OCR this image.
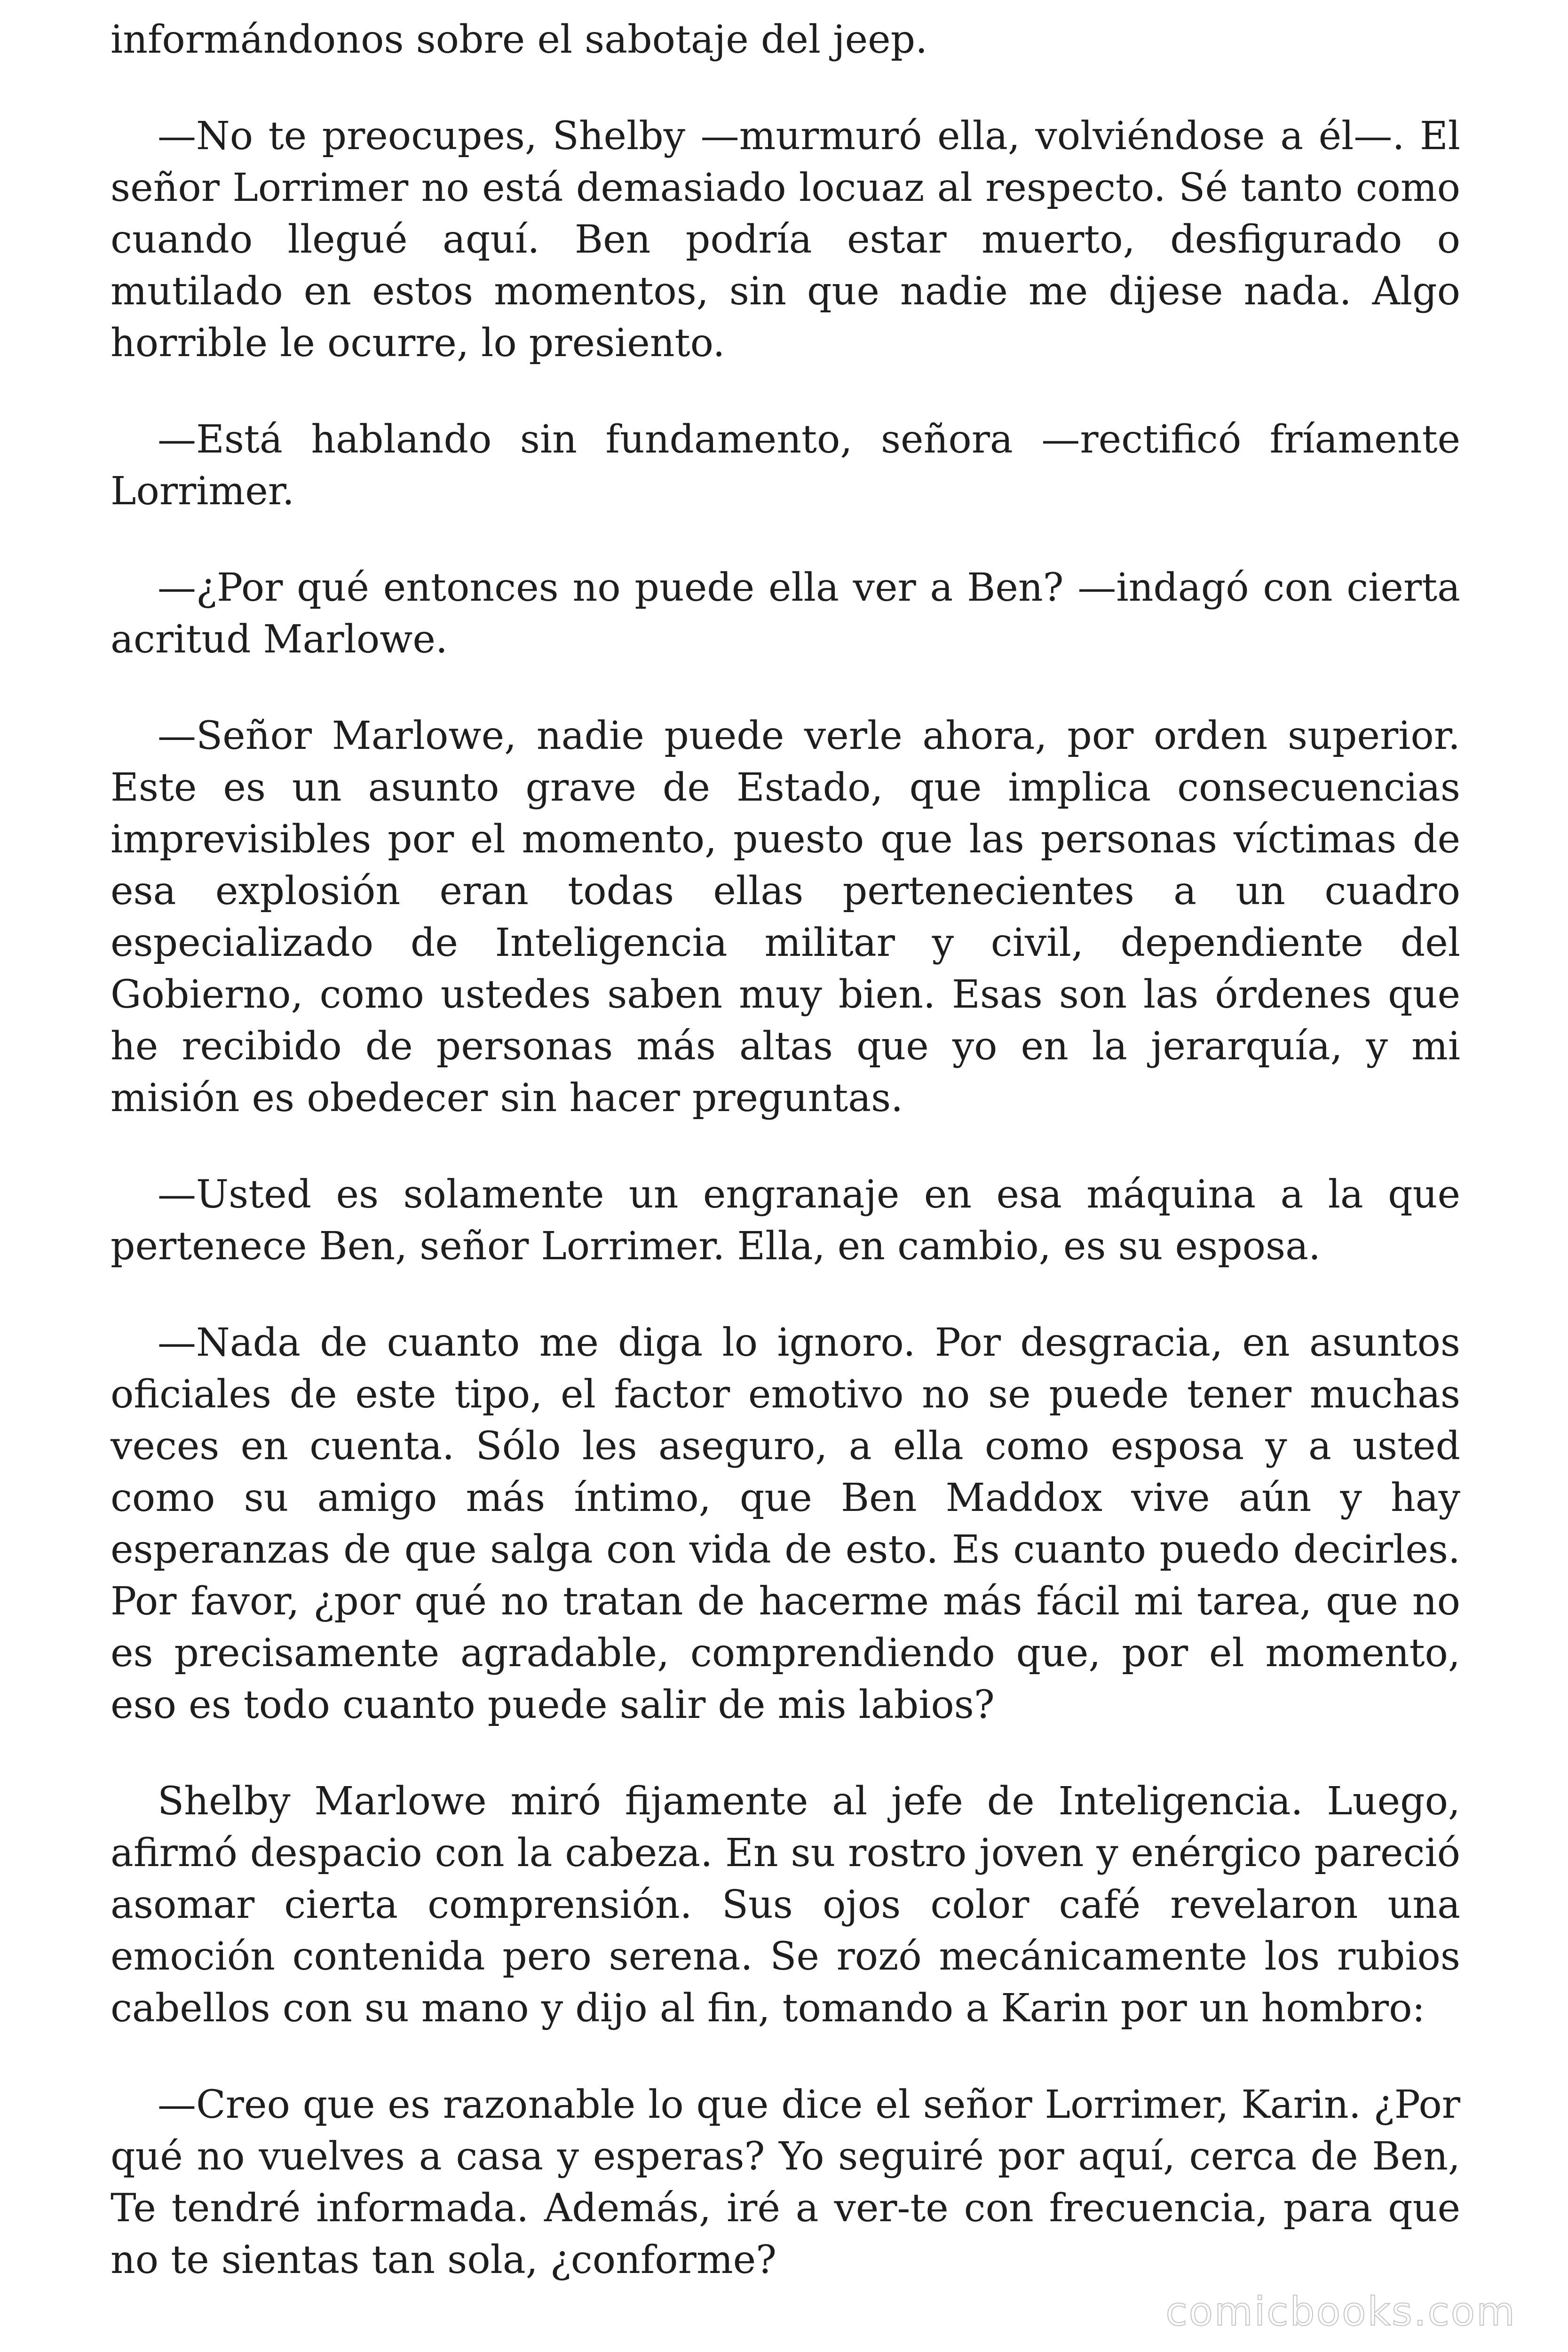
informándonos sobre el sabotaje del jeep.

—No te preocupes, Shelby —murmuró ella, volviéndose a él—. El señor Lorrimer no está demasiado locuaz al respecto. Sé tanto como cuando llegué aquí. Ben podría estar muerto, desfigurado o mutilado en estos momentos, sin que nadie me dijese nada. Algo horrible le ocurre, lo presiento.

—Está hablando sin fundamento, señora —rectificó fríamente Lorrimer.

—¿Por qué entonces no puede ella ver a Ben? —indagó con cierta acritud Marlowe.

—Señor Marlowe, nadie puede verle ahora, por orden superior. Este es un asunto grave de Estado, que implica consecuencias imprevisibles por el momento, puesto que las personas víctimas de esa explosión eran todas ellas pertenecientes a un cuadro especializado de Inteligencia militar y civil, dependiente del Gobierno, como ustedes saben muy bien. Esas son las órdenes que he recibido de personas más altas que yo en la jerarquía, y mi misión es obedecer sin hacer preguntas.

—Usted es solamente un engranaje en esa máquina a la que pertenece Ben, señor Lorrimer. Ella, en cambio, es su esposa.

—Nada de cuanto me diga lo ignoro. Por desgracia, en asuntos oficiales de este tipo, el factor emotivo no se puede tener muchas veces en cuenta. Sólo les aseguro, a ella como esposa y a usted como su amigo más íntimo, que Ben Maddox vive aún y hay esperanzas de que salga con vida de esto. Es cuanto puedo decirles. Por favor, ¿por qué no tratan de hacerme más fácil mi tarea, que no es precisamente agradable, comprendiendo que, por el momento, eso es todo cuanto puede salir de mis labios?

Shelby Marlowe miró fijamente al jefe de Inteligencia. Luego, afirmó despacio con la cabeza. En su rostro joven y enérgico pareció asomar cierta comprensión. Sus ojos color café revelaron una emoción contenida pero serena. Se rozó mecánicamente los rubios cabellos con su mano y dijo al fin, tomando a Karin por un hombro:

—Creo que es razonable lo que dice el señor Lorrimer, Karin. ¿Por qué no vuelves a casa y esperas? Yo seguiré por aquí, cerca de Ben, Te tendré informada. Además, iré a ver-te con frecuencia, para que no te sientas tan sola, ¿conforme?

comicbooks.com
